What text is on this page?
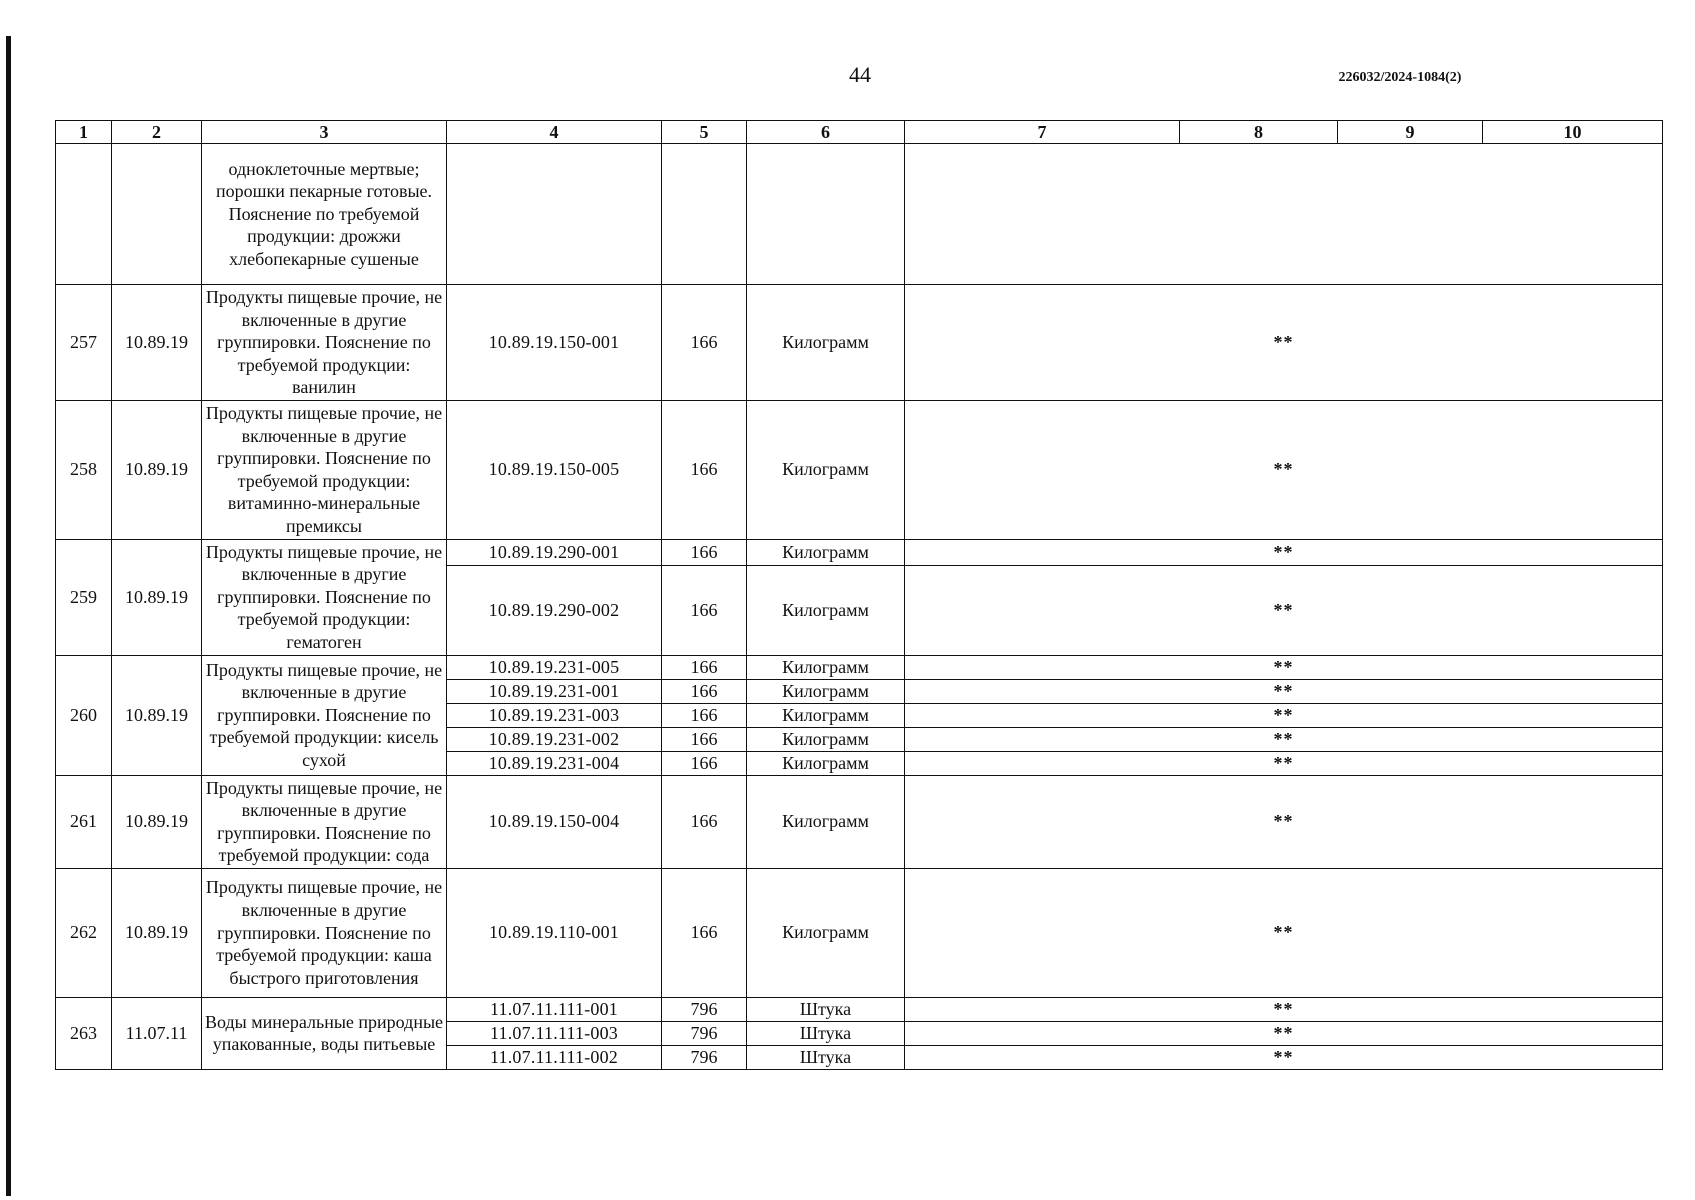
44	226032/2024-1084(2)
1	2	3	4	5	6	7	8	9	10
		одноклеточные мертвые; порошки пекарные готовые. Пояснение по требуемой продукции: дрожжи хлебопекарные сушеные							
257	10.89.19	Продукты пищевые прочие, не включенные в другие группировки. Пояснение по требуемой продукции: ванилин	10.89.19.150-001	166	Килограмм	**			
258	10.89.19	Продукты пищевые прочие, не включенные в другие группировки. Пояснение по требуемой продукции: витаминно-минеральные премиксы	10.89.19.150-005	166	Килограмм	**			
259	10.89.19	Продукты пищевые прочие, не включенные в другие группировки. Пояснение по требуемой продукции: гематоген	10.89.19.290-001	166	Килограмм	**			
			10.89.19.290-002	166	Килограмм	**			
260	10.89.19	Продукты пищевые прочие, не включенные в другие группировки. Пояснение по требуемой продукции: кисель сухой	10.89.19.231-005	166	Килограмм	**			
			10.89.19.231-001	166	Килограмм	**			
			10.89.19.231-003	166	Килограмм	**			
			10.89.19.231-002	166	Килограмм	**			
			10.89.19.231-004	166	Килограмм	**			
261	10.89.19	Продукты пищевые прочие, не включенные в другие группировки. Пояснение по требуемой продукции: сода	10.89.19.150-004	166	Килограмм	**			
262	10.89.19	Продукты пищевые прочие, не включенные в другие группировки. Пояснение по требуемой продукции: каша быстрого приготовления	10.89.19.110-001	166	Килограмм	**			
263	11.07.11	Воды минеральные природные упакованные, воды питьевые	11.07.11.111-001	796	Штука	**			
			11.07.11.111-003	796	Штука	**			
			11.07.11.111-002	796	Штука	**			
